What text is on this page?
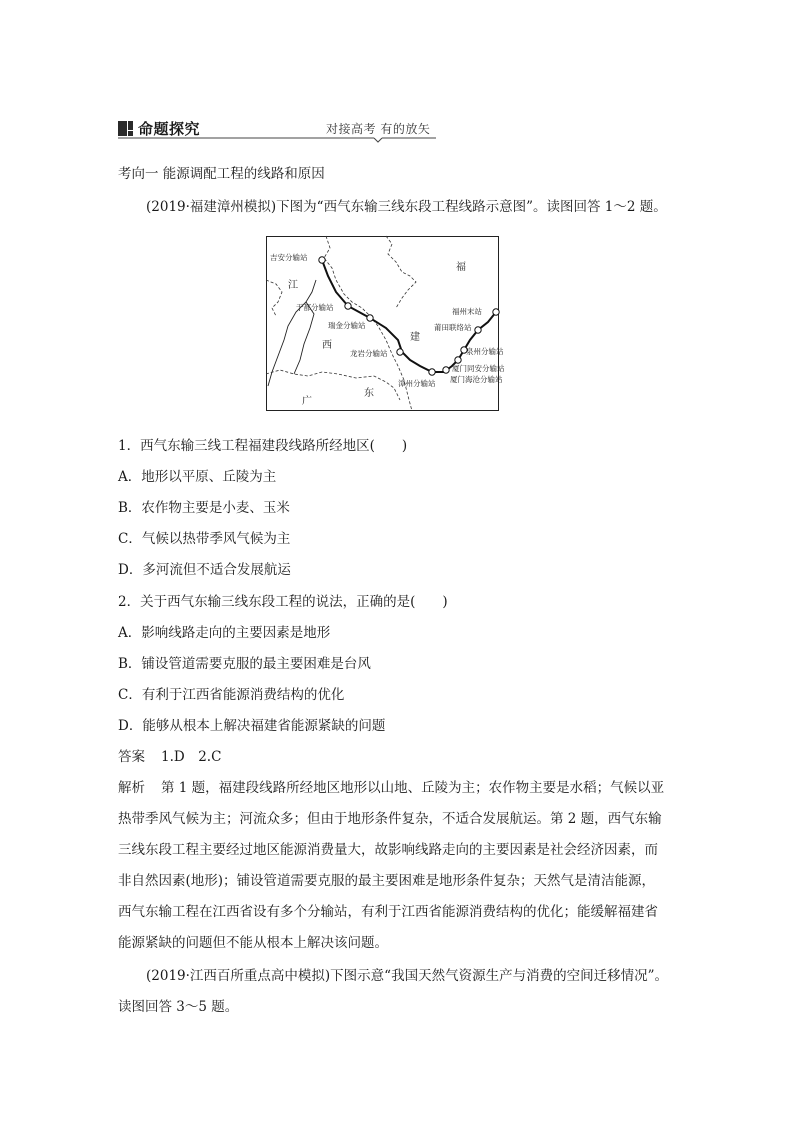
命题探究	对接高考 有的放矢
考向一 能源调配工程的线路和原因
(2019·福建漳州模拟)下图为“西气东输三线东段工程线路示意图”。读图回答 1～2 题。
江
西
福
建
广
东
吉安分输站
于都分输站
瑞金分输站
龙岩分输站
漳州分输站 厦门海沧分输站
厦门同安分输站
泉州分输站
莆田联络站
福州末站
1．西气东输三线工程福建段线路所经地区(　　)
A．地形以平原、丘陵为主
B．农作物主要是小麦、玉米
C．气候以热带季风气候为主
D．多河流但不适合发展航运
2．关于西气东输三线东段工程的说法，正确的是(　　)
A．影响线路走向的主要因素是地形
B．铺设管道需要克服的最主要困难是台风
C．有利于江西省能源消费结构的优化
D．能够从根本上解决福建省能源紧缺的问题
答案 1.D　2.C
解析 第 1 题，福建段线路所经地区地形以山地、丘陵为主；农作物主要是水稻；气候以亚
热带季风气候为主；河流众多；但由于地形条件复杂，不适合发展航运。第 2 题，西气东输
三线东段工程主要经过地区能源消费量大，故影响线路走向的主要因素是社会经济因素，而
非自然因素(地形)；铺设管道需要克服的最主要困难是地形条件复杂；天然气是清洁能源，
西气东输工程在江西省设有多个分输站，有利于江西省能源消费结构的优化；能缓解福建省
能源紧缺的问题但不能从根本上解决该问题。
(2019·江西百所重点高中模拟)下图示意“我国天然气资源生产与消费的空间迁移情况”。
读图回答 3～5 题。
